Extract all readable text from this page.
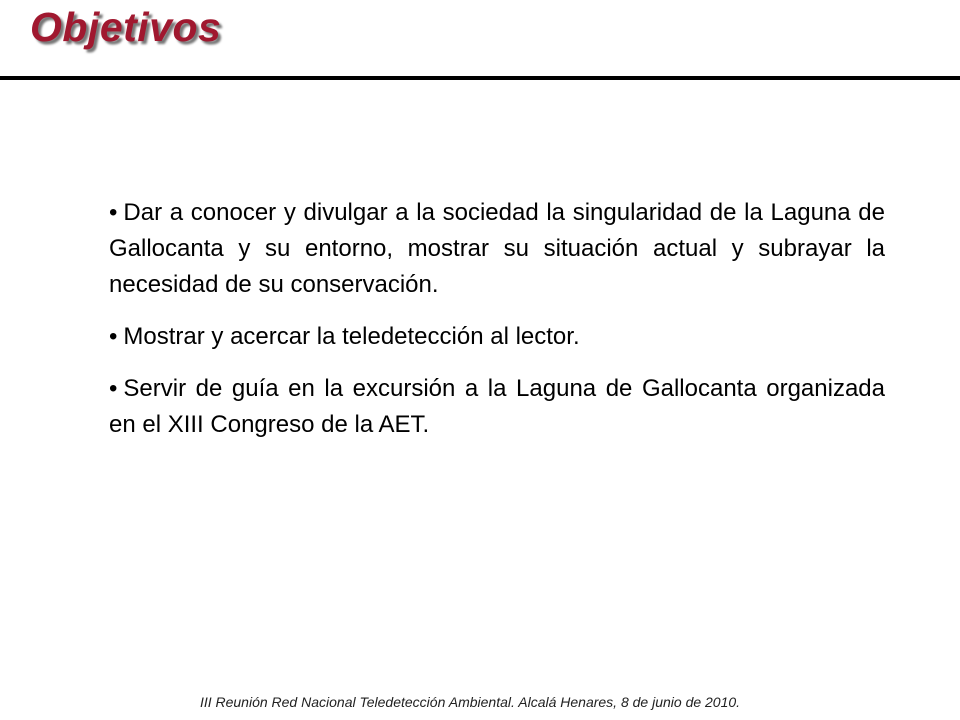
Objetivos
• Dar a conocer y divulgar a la sociedad la singularidad de la Laguna de Gallocanta y su entorno, mostrar su situación actual y subrayar la necesidad de su conservación.
• Mostrar y acercar la teledetección al lector.
• Servir de guía en la excursión a la Laguna de Gallocanta organizada en el XIII Congreso de la AET.
III Reunión Red Nacional Teledetección Ambiental. Alcalá Henares, 8 de junio de 2010.
